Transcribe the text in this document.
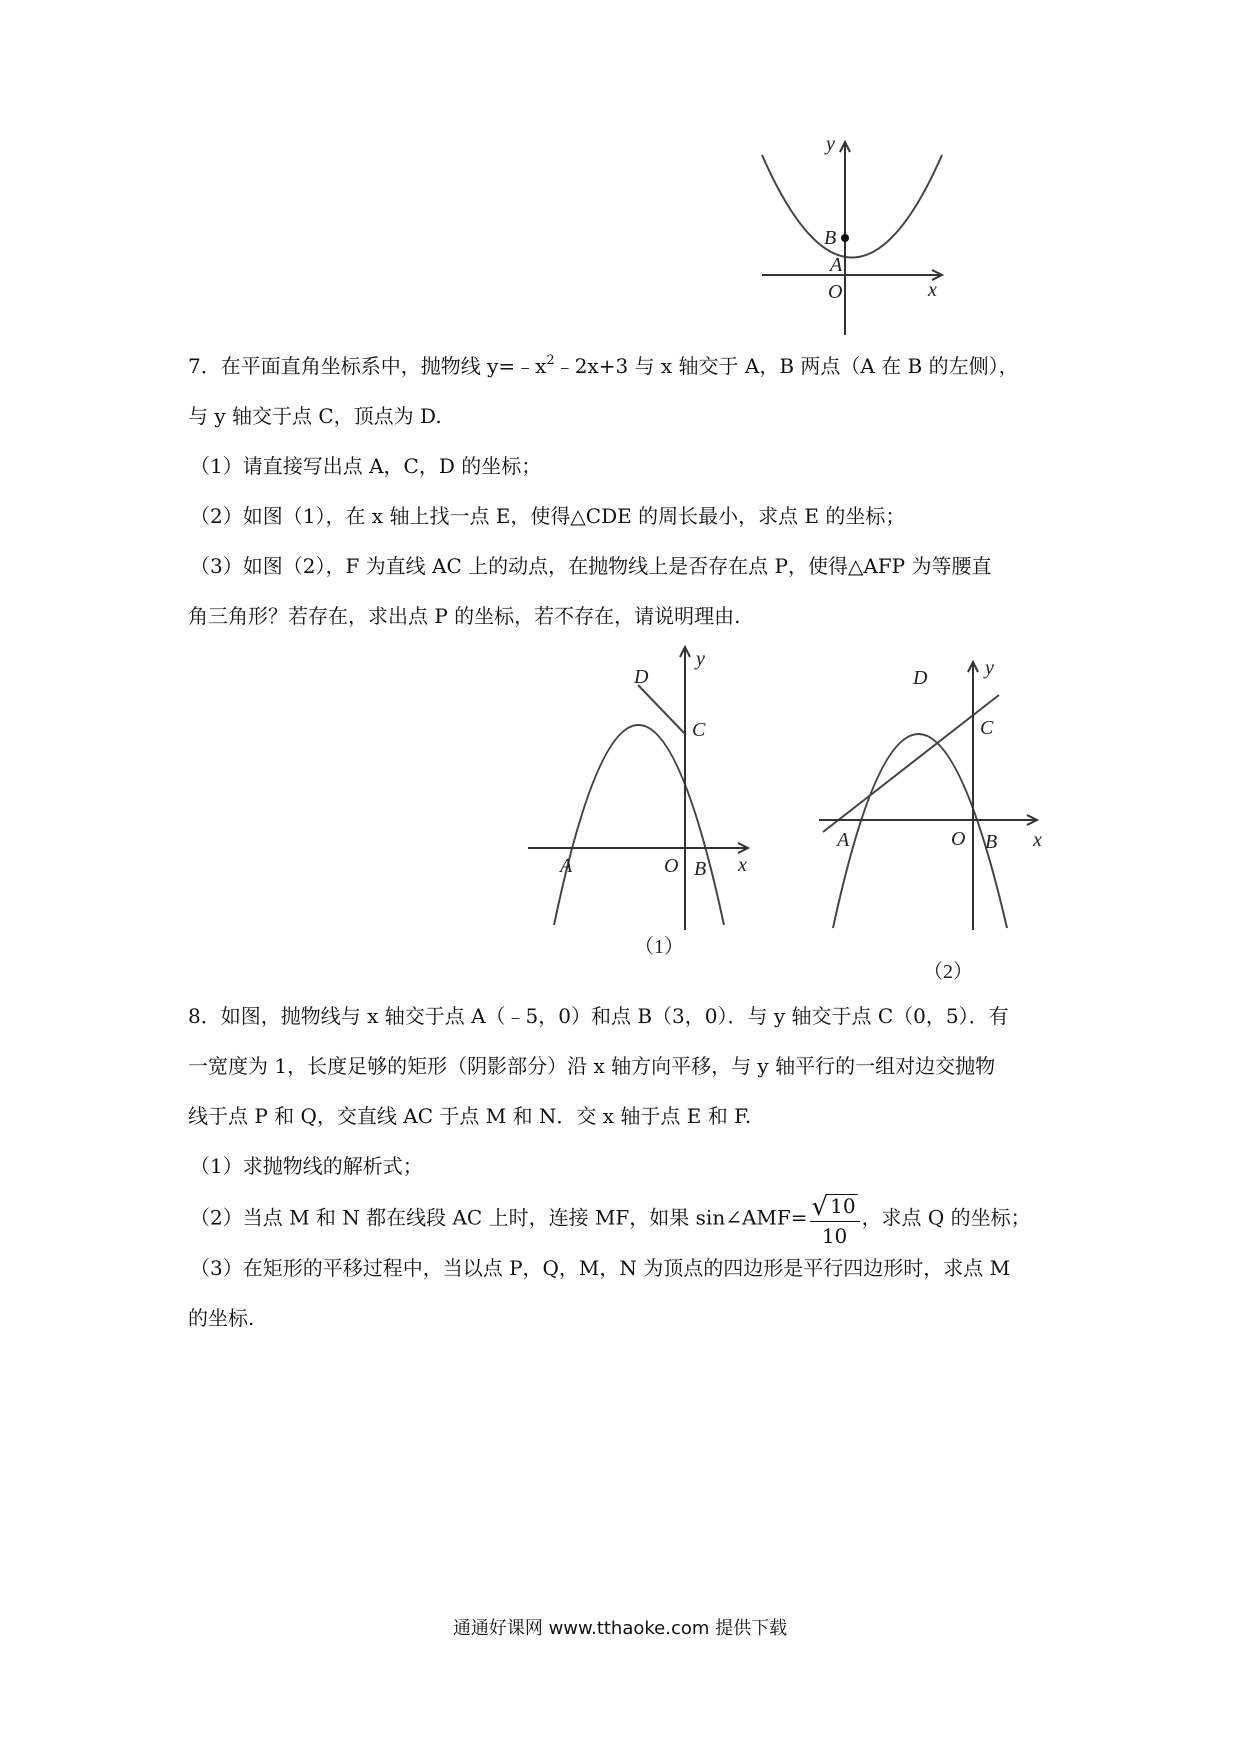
y
B
A
O	x
7．在平面直角坐标系中，抛物线 $y=﹣x^2﹣2x+3$ 与 x 轴交于 A，B 两点（A 在 B 的左侧），
与 y 轴交于点 C，顶点为 D.
（1）请直接写出点 A，C，D 的坐标；
（2）如图（1），在 x 轴上找一点 E，使得△CDE 的周长最小，求点 E 的坐标；
（3）如图（2），F 为直线 AC 上的动点，在抛物线上是否存在点 P，使得△AFP 为等腰直
角三角形？若存在，求出点 P 的坐标，若不存在，请说明理由.
D
y
C
A	O B x
（1）
D	y
C
A	O B x
（2）
8．如图，抛物线与 x 轴交于点 A（﹣5，0）和点 B（3，0）．与 y 轴交于点 C（0，5）．有
一宽度为 1，长度足够的矩形（阴影部分）沿 x 轴方向平移，与 y 轴平行的一组对边交抛物
线于点 P 和 Q，交直线 AC 于点 M 和 N．交 x 轴于点 E 和 F.
（1）求抛物线的解析式；
（2）当点 M 和 N 都在线段 AC 上时，连接 MF，如果 sin∠AMF= $\frac{√ 10}{10}$ ，求点 Q 的坐标；
（3）在矩形的平移过程中，当以点 P，Q，M，N 为顶点的四边形是平行四边形时，求点 M
的坐标.
通通好课网 www.tthaoke.com 提供下载
